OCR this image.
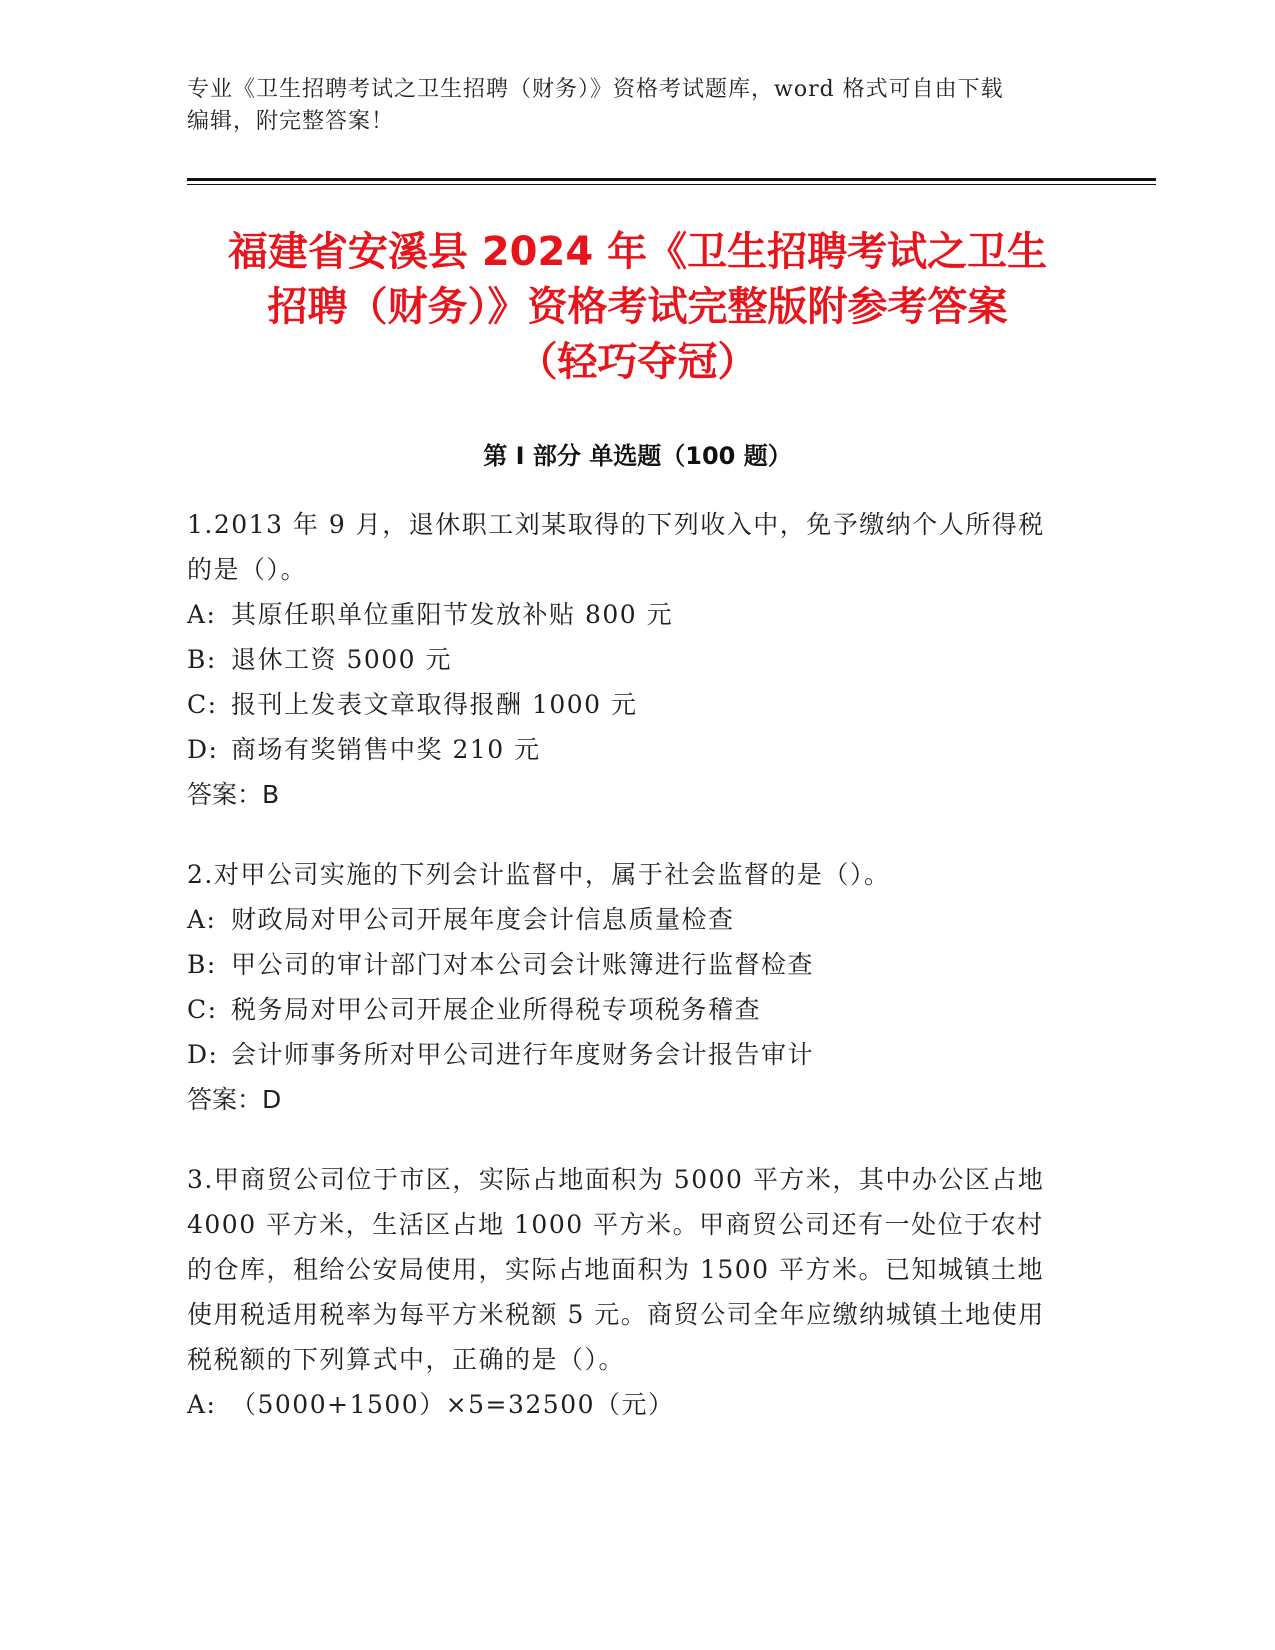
专业《卫生招聘考试之卫生招聘（财务）》资格考试题库，word 格式可自由下载
编辑，附完整答案！
福建省安溪县 2024 年《卫生招聘考试之卫生
招聘（财务）》资格考试完整版附参考答案
（轻巧夺冠）
第 I 部分 单选题（100 题）

1.2013 年 9 月，退休职工刘某取得的下列收入中，免予缴纳个人所得税的是（）。

A: 其原任职单位重阳节发放补贴 800 元

B: 退休工资 5000 元

C: 报刊上发表文章取得报酬 1000 元

D: 商场有奖销售中奖 210 元

答案：B

2.对甲公司实施的下列会计监督中，属于社会监督的是（）。

A: 财政局对甲公司开展年度会计信息质量检查

B: 甲公司的审计部门对本公司会计账簿进行监督检查

C: 税务局对甲公司开展企业所得税专项税务稽查

D: 会计师事务所对甲公司进行年度财务会计报告审计

答案：D

3.甲商贸公司位于市区，实际占地面积为 5000 平方米，其中办公区占地 4000 平方米，生活区占地 1000 平方米。甲商贸公司还有一处位于农村的仓库，租给公安局使用，实际占地面积为 1500 平方米。已知城镇土地使用税适用税率为每平方米税额 5 元。商贸公司全年应缴纳城镇土地使用税税额的下列算式中，正确的是（）。

A: （5000+1500）×5=32500（元）
